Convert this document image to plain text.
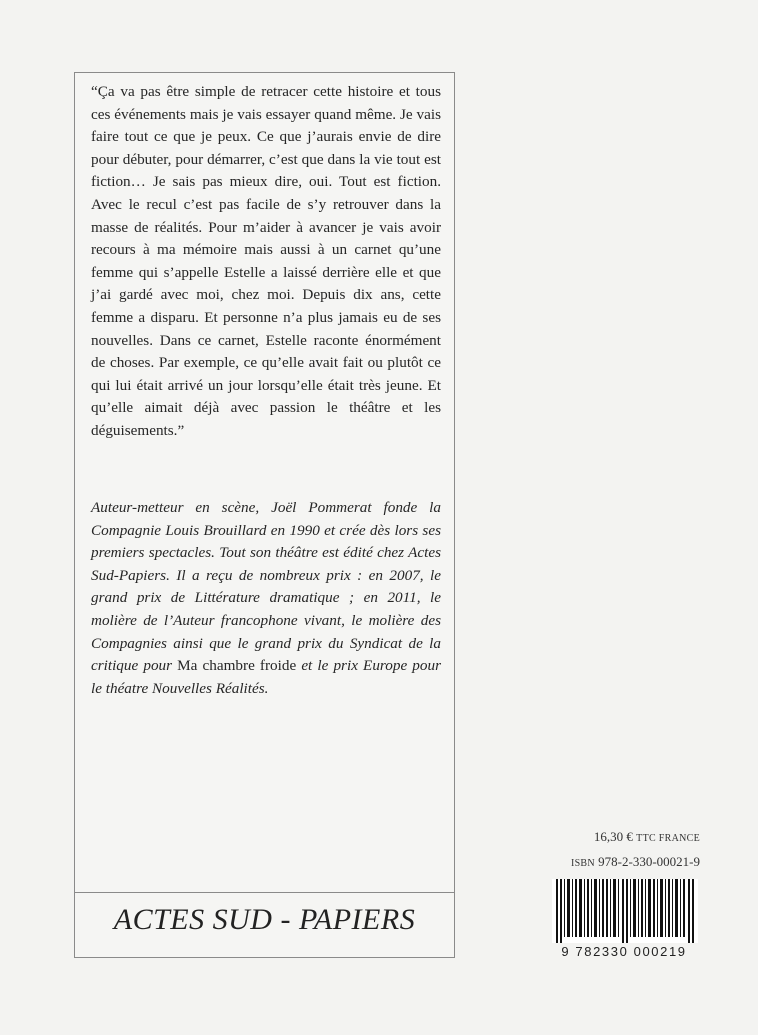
“Ça va pas être simple de retracer cette histoire et tous ces événements mais je vais essayer quand même. Je vais faire tout ce que je peux. Ce que j’aurais envie de dire pour débuter, pour démarrer, c’est que dans la vie tout est fiction… Je sais pas mieux dire, oui. Tout est fiction. Avec le recul c’est pas facile de s’y retrouver dans la masse de réalités. Pour m’aider à avancer je vais avoir recours à ma mémoire mais aussi à un carnet qu’une femme qui s’appelle Estelle a laissé derrière elle et que j’ai gardé avec moi, chez moi. Depuis dix ans, cette femme a disparu. Et personne n’a plus jamais eu de ses nouvelles. Dans ce carnet, Estelle raconte énormément de choses. Par exemple, ce qu’elle avait fait ou plutôt ce qui lui était arrivé un jour lorsqu’elle était très jeune. Et qu’elle aimait déjà avec passion le théâtre et les déguisements.”

Auteur-metteur en scène, Joël Pommerat fonde la Compagnie Louis Brouillard en 1990 et crée dès lors ses premiers spectacles. Tout son théâtre est édité chez Actes Sud-Papiers. Il a reçu de nombreux prix : en 2007, le grand prix de Littérature dramatique ; en 2011, le molière de l’Auteur francophone vivant, le molière des Compagnies ainsi que le grand prix du Syndicat de la critique pour Ma chambre froide et le prix Europe pour le théatre Nouvelles Réalités.

ACTES SUD - PAPIERS
16,30 € TTC FRANCE
ISBN 978-2-330-00021-9
9 782330 000219
